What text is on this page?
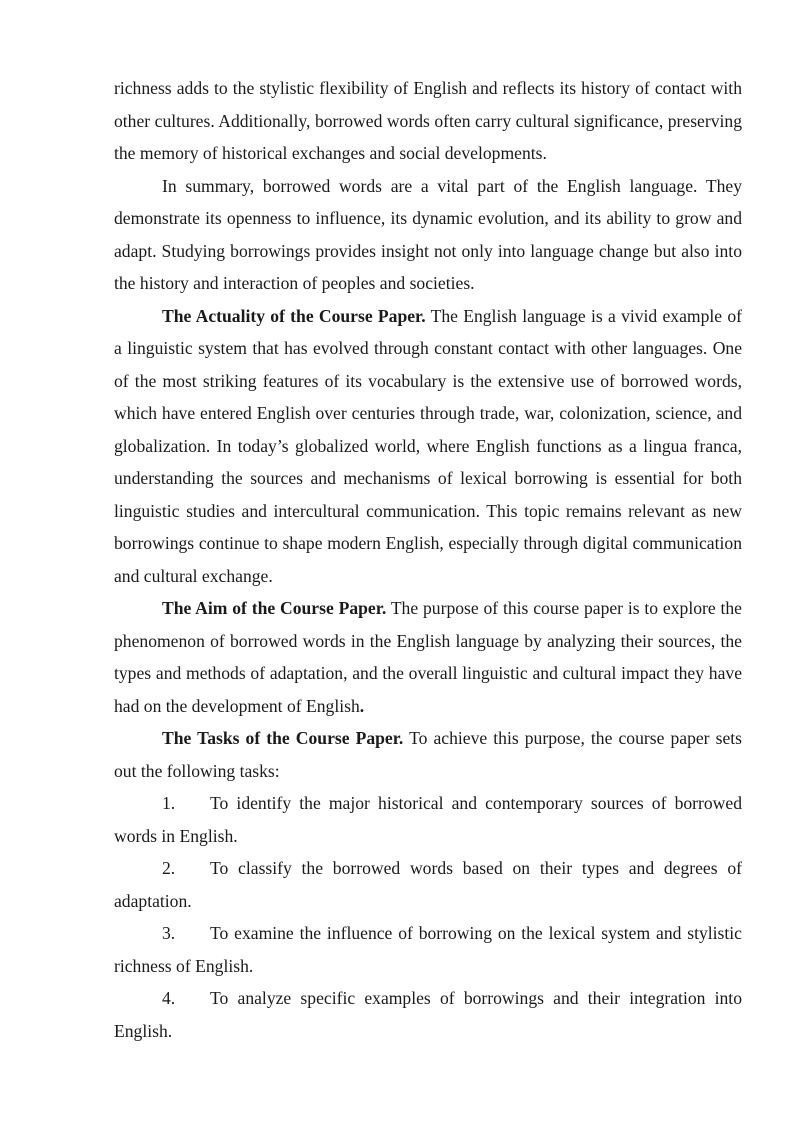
richness adds to the stylistic flexibility of English and reflects its history of contact with other cultures. Additionally, borrowed words often carry cultural significance, preserving the memory of historical exchanges and social developments.

In summary, borrowed words are a vital part of the English language. They demonstrate its openness to influence, its dynamic evolution, and its ability to grow and adapt. Studying borrowings provides insight not only into language change but also into the history and interaction of peoples and societies.

The Actuality of the Course Paper. The English language is a vivid example of a linguistic system that has evolved through constant contact with other languages. One of the most striking features of its vocabulary is the extensive use of borrowed words, which have entered English over centuries through trade, war, colonization, science, and globalization. In today’s globalized world, where English functions as a lingua franca, understanding the sources and mechanisms of lexical borrowing is essential for both linguistic studies and intercultural communication. This topic remains relevant as new borrowings continue to shape modern English, especially through digital communication and cultural exchange.

The Aim of the Course Paper. The purpose of this course paper is to explore the phenomenon of borrowed words in the English language by analyzing their sources, the types and methods of adaptation, and the overall linguistic and cultural impact they have had on the development of English.

The Tasks of the Course Paper. To achieve this purpose, the course paper sets out the following tasks:

1. To identify the major historical and contemporary sources of borrowed words in English.

2. To classify the borrowed words based on their types and degrees of adaptation.

3. To examine the influence of borrowing on the lexical system and stylistic richness of English.

4. To analyze specific examples of borrowings and their integration into English.
